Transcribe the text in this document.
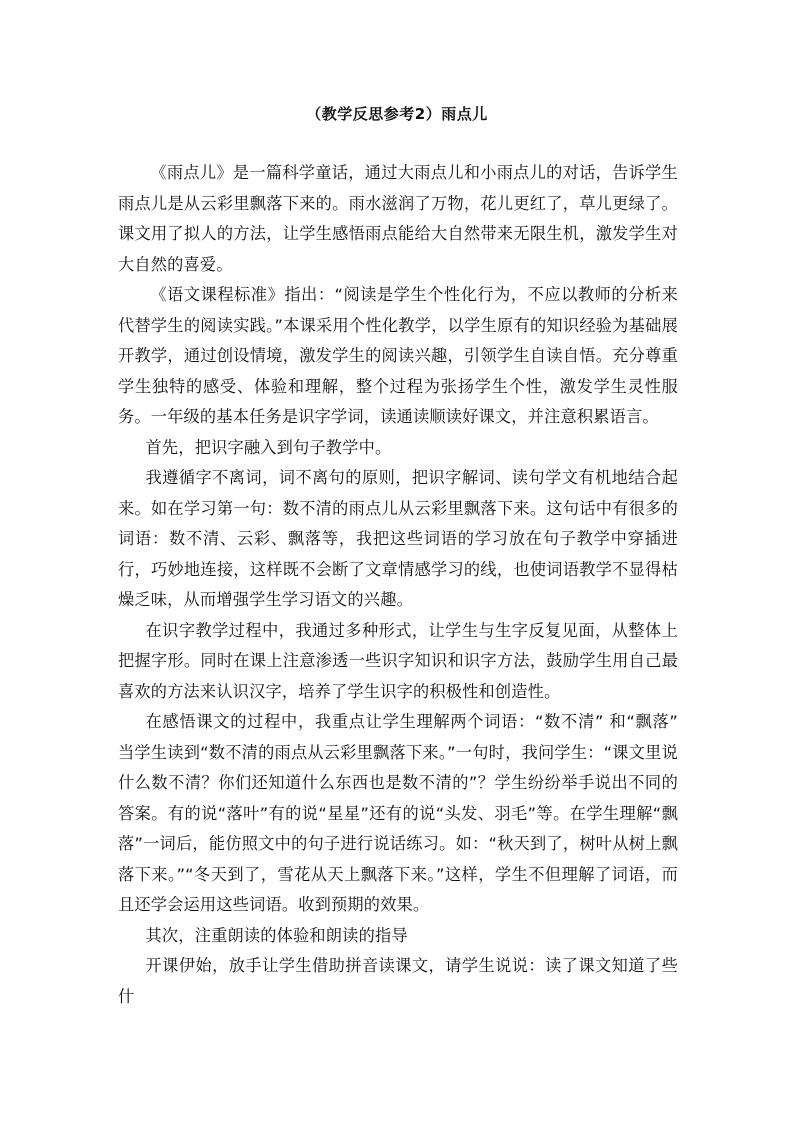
（教学反思参考2）雨点儿

《雨点儿》是一篇科学童话，通过大雨点儿和小雨点儿的对话，告诉学生雨点儿是从云彩里飘落下来的。雨水滋润了万物，花儿更红了，草儿更绿了。课文用了拟人的方法，让学生感悟雨点能给大自然带来无限生机，激发学生对大自然的喜爱。

《语文课程标准》指出：“阅读是学生个性化行为，不应以教师的分析来代替学生的阅读实践。”本课采用个性化教学，以学生原有的知识经验为基础展开教学，通过创设情境，激发学生的阅读兴趣，引领学生自读自悟。充分尊重学生独特的感受、体验和理解，整个过程为张扬学生个性，激发学生灵性服务。一年级的基本任务是识字学词，读通读顺读好课文，并注意积累语言。

首先，把识字融入到句子教学中。

我遵循字不离词，词不离句的原则，把识字解词、读句学文有机地结合起来。如在学习第一句：数不清的雨点儿从云彩里飘落下来。这句话中有很多的词语：数不清、云彩、飘落等，我把这些词语的学习放在句子教学中穿插进行，巧妙地连接，这样既不会断了文章情感学习的线，也使词语教学不显得枯燥乏味，从而增强学生学习语文的兴趣。

在识字教学过程中，我通过多种形式，让学生与生字反复见面，从整体上把握字形。同时在课上注意渗透一些识字知识和识字方法，鼓励学生用自己最喜欢的方法来认识汉字，培养了学生识字的积极性和创造性。

在感悟课文的过程中，我重点让学生理解两个词语：“数不清” 和“飘落” 当学生读到“数不清的雨点从云彩里飘落下来。”一句时，我问学生：“课文里说什么数不清？你们还知道什么东西也是数不清的”？学生纷纷举手说出不同的答案。有的说“落叶”有的说“星星”还有的说“头发、羽毛”等。在学生理解“飘落”一词后，能仿照文中的句子进行说话练习。如：“秋天到了，树叶从树上飘落下来。”“冬天到了，雪花从天上飘落下来。”这样，学生不但理解了词语，而且还学会运用这些词语。收到预期的效果。

其次，注重朗读的体验和朗读的指导

开课伊始，放手让学生借助拼音读课文，请学生说说：读了课文知道了些什
